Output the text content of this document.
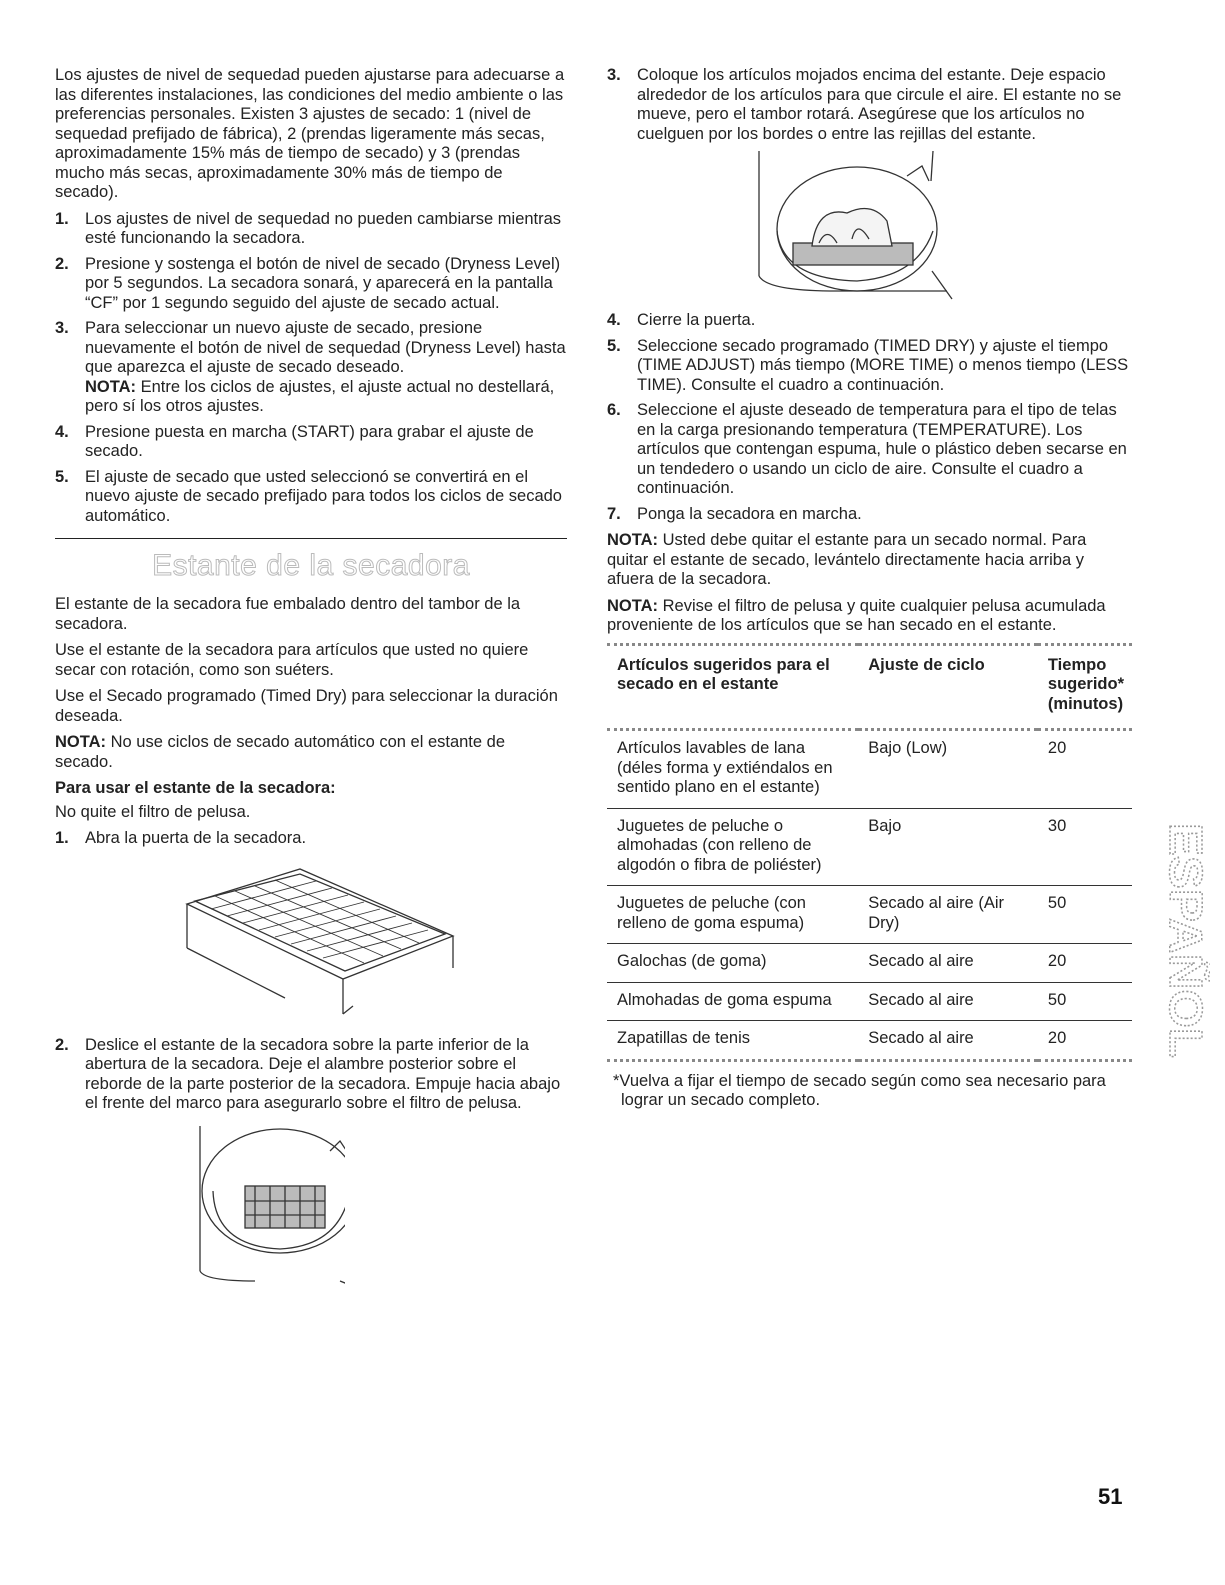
Los ajustes de nivel de sequedad pueden ajustarse para adecuarse a las diferentes instalaciones, las condiciones del medio ambiente o las preferencias personales. Existen 3 ajustes de secado: 1 (nivel de sequedad prefijado de fábrica), 2 (prendas ligeramente más secas, aproximadamente 15% más de tiempo de secado) y 3 (prendas mucho más secas, aproximadamente 30% más de tiempo de secado).

1. Los ajustes de nivel de sequedad no pueden cambiarse mientras esté funcionando la secadora.
2. Presione y sostenga el botón de nivel de secado (Dryness Level) por 5 segundos. La secadora sonará, y aparecerá en la pantalla “CF” por 1 segundo seguido del ajuste de secado actual.
3. Para seleccionar un nuevo ajuste de secado, presione nuevamente el botón de nivel de sequedad (Dryness Level) hasta que aparezca el ajuste de secado deseado.
NOTA: Entre los ciclos de ajustes, el ajuste actual no destellará, pero sí los otros ajustes.
4. Presione puesta en marcha (START) para grabar el ajuste de secado.
5. El ajuste de secado que usted seleccionó se convertirá en el nuevo ajuste de secado prefijado para todos los ciclos de secado automático.
Estante de la secadora

El estante de la secadora fue embalado dentro del tambor de la secadora.

Use el estante de la secadora para artículos que usted no quiere secar con rotación, como son suéters.

Use el Secado programado (Timed Dry) para seleccionar la duración deseada.

NOTA: No use ciclos de secado automático con el estante de secado.

Para usar el estante de la secadora:

No quite el filtro de pelusa.

1. Abra la puerta de la secadora.
2. Deslice el estante de la secadora sobre la parte inferior de la abertura de la secadora. Deje el alambre posterior sobre el reborde de la parte posterior de la secadora. Empuje hacia abajo el frente del marco para asegurarlo sobre el filtro de pelusa.
3. Coloque los artículos mojados encima del estante. Deje espacio alrededor de los artículos para que circule el aire. El estante no se mueve, pero el tambor rotará. Asegúrese que los artículos no cuelguen por los bordes o entre las rejillas del estante.
4. Cierre la puerta.
5. Seleccione secado programado (TIMED DRY) y ajuste el tiempo (TIME ADJUST) más tiempo (MORE TIME) o menos tiempo (LESS TIME). Consulte el cuadro a continuación.
6. Seleccione el ajuste deseado de temperatura para el tipo de telas en la carga presionando temperatura (TEMPERATURE). Los artículos que contengan espuma, hule o plástico deben secarse en un tendedero o usando un ciclo de aire. Consulte el cuadro a continuación.
7. Ponga la secadora en marcha.

NOTA: Usted debe quitar el estante para un secado normal. Para quitar el estante de secado, levántelo directamente hacia arriba y afuera de la secadora.

NOTA: Revise el filtro de pelusa y quite cualquier pelusa acumulada proveniente de los artículos que se han secado en el estante.

Artículos sugeridos para el secado en el estante	Ajuste de ciclo	Tiempo sugerido* (minutos)
Artículos lavables de lana (déles forma y extiéndalos en sentido plano en el estante)	Bajo (Low)	20
Juguetes de peluche o almohadas (con relleno de algodón o fibra de poliéster)	Bajo	30
Juguetes de peluche (con relleno de goma espuma)	Secado al aire (Air Dry)	50
Galochas (de goma)	Secado al aire	20
Almohadas de goma espuma	Secado al aire	50
Zapatillas de tenis	Secado al aire	20

*Vuelva a fijar el tiempo de secado según como sea necesario para lograr un secado completo.

ESPAÑOL
51
